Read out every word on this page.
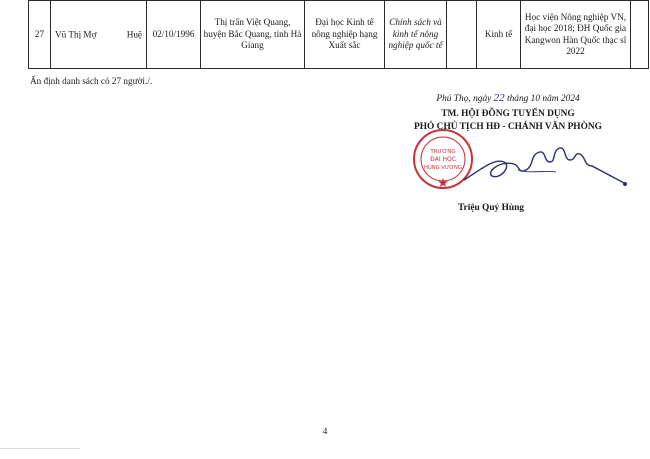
27	Vũ Thị Mợ	Huệ	02/10/1996	Thị trấn Việt Quang, huyện Bắc Quang, tỉnh Hà Giang	Đại học Kinh tế nông nghiệp hạng Xuất sắc	Chính sách và kinh tế nông nghiệp quốc tế		Kinh tế	Học viện Nông nghiệp VN, đại học 2018; ĐH Quốc gia Kangwon Hàn Quốc thạc sĩ 2022	
Ấn định danh sách có 27 người./.

Phú Thọ, ngày 22 tháng 10 năm 2024

TM. HỘI ĐỒNG TUYỂN DỤNG

PHÓ CHỦ TỊCH HĐ - CHÁNH VĂN PHÒNG

TRƯỜNG
ĐẠI HỌC
HÙNG VƯƠNG
Triệu Quý Hùng
4
